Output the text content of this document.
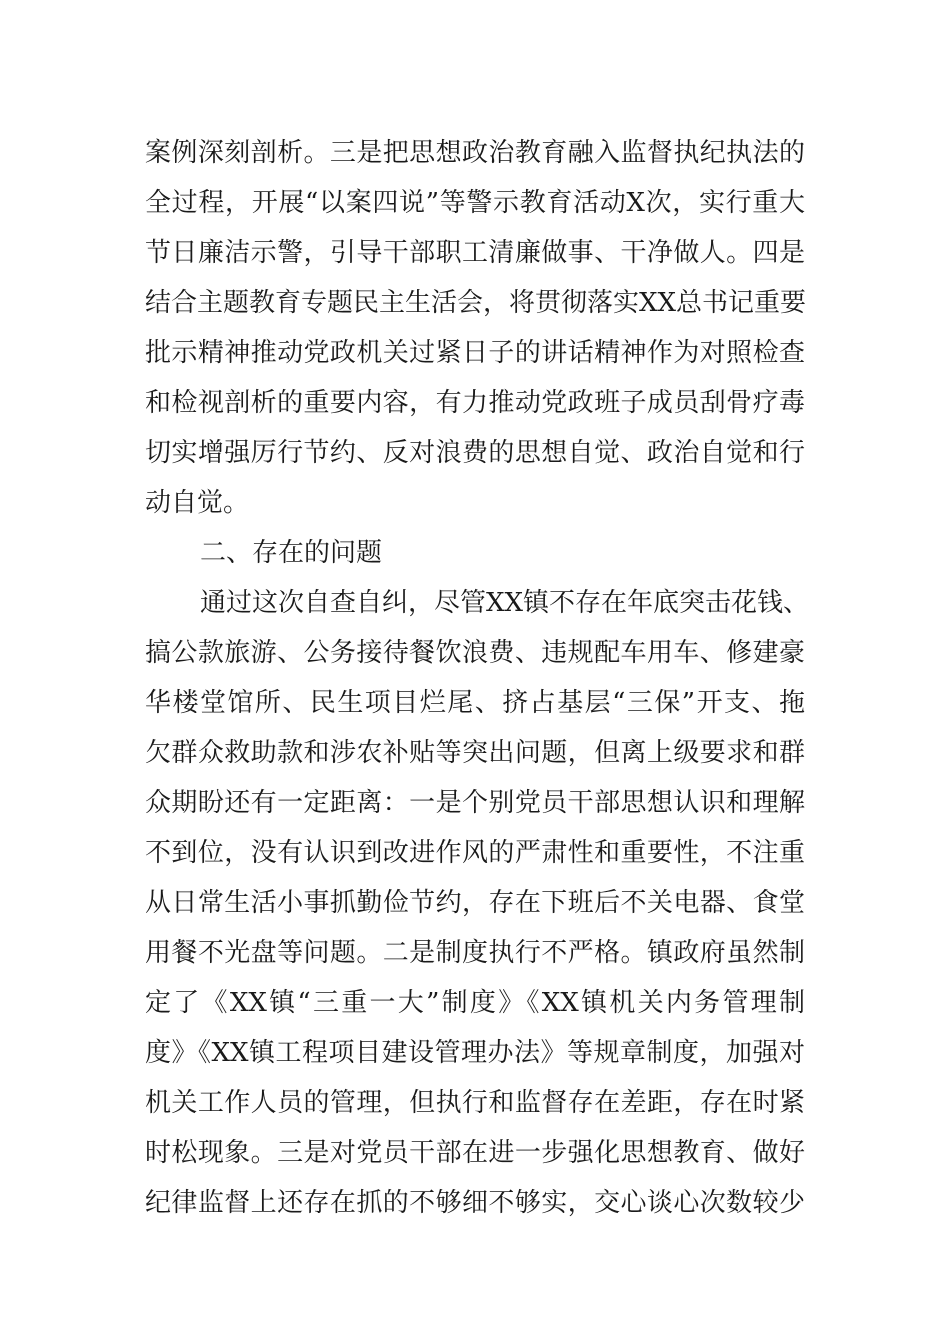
案例深刻剖析。三是把思想政治教育融入监督执纪执法的
全过程，开展“以案四说”等警示教育活动X次，实行重大
节日廉洁示警，引导干部职工清廉做事、干净做人。四是
结合主题教育专题民主生活会，将贯彻落实XX总书记重要
批示精神推动党政机关过紧日子的讲话精神作为对照检查
和检视剖析的重要内容，有力推动党政班子成员刮骨疗毒
切实增强厉行节约、反对浪费的思想自觉、政治自觉和行
动自觉。
二、存在的问题
通过这次自查自纠，尽管XX镇不存在年底突击花钱、
搞公款旅游、公务接待餐饮浪费、违规配车用车、修建豪
华楼堂馆所、民生项目烂尾、挤占基层“三保”开支、拖
欠群众救助款和涉农补贴等突出问题，但离上级要求和群
众期盼还有一定距离：一是个别党员干部思想认识和理解
不到位，没有认识到改进作风的严肃性和重要性，不注重
从日常生活小事抓勤俭节约，存在下班后不关电器、食堂
用餐不光盘等问题。二是制度执行不严格。镇政府虽然制
定了《XX镇“三重一大”制度》《XX镇机关内务管理制
度》《XX镇工程项目建设管理办法》等规章制度，加强对
机关工作人员的管理，但执行和监督存在差距，存在时紧
时松现象。三是对党员干部在进一步强化思想教育、做好
纪律监督上还存在抓的不够细不够实，交心谈心次数较少
